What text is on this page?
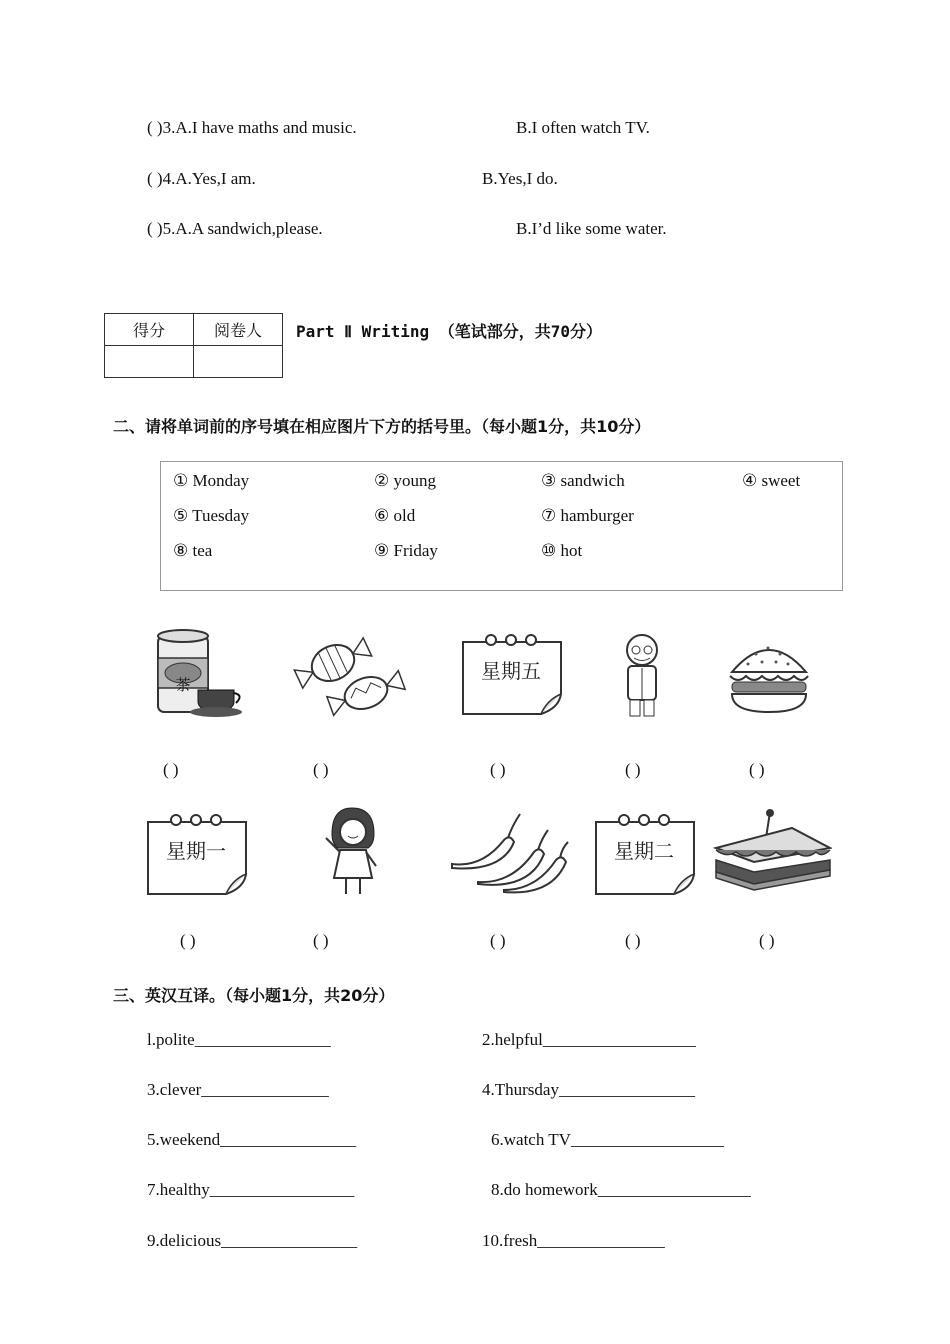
( )3.A.I have maths and music.	B.I often watch TV.
( )4.A.Yes,I am.	B.Yes,I do.
( )5.A.A sandwich,please.	B.I’d like some water.
得分	阅卷人
	Part Ⅱ Writing （笔试部分，共70分）
二、请将单词前的序号填在相应图片下方的括号里。（每小题1分，共10分）
① Monday	② young	③ sandwich	④ sweet
⑤ Tuesday	⑥ old	⑦ hamburger
⑧ tea	⑨ Friday	⑩ hot
茶
星期五
( )	( )	( )	( )	( )
星期一	星期二
( )	( )	( )	( )	( )
三、英汉互译。（每小题1分，共20分）
l.polite________________	2.helpful__________________
3.clever_______________	4.Thursday________________
5.weekend________________	6.watch TV__________________
7.healthy_________________	8.do homework__________________
9.delicious________________	10.fresh_______________
